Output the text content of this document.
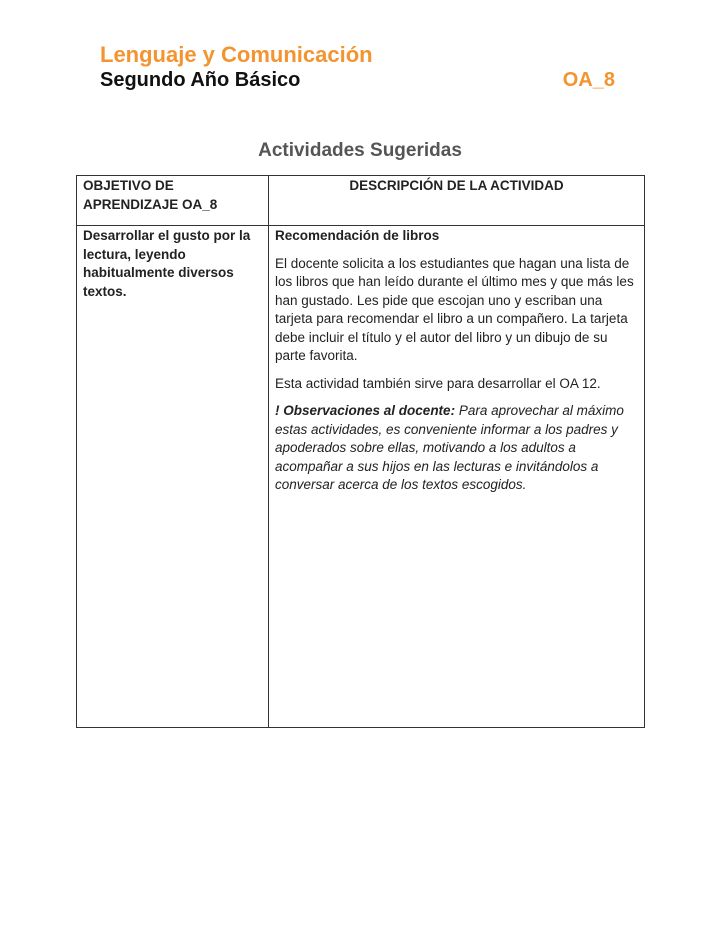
Lenguaje y Comunicación

Segundo Año Básico	OA_8
Actividades Sugeridas
OBJETIVO DE APRENDIZAJE OA_8	DESCRIPCIÓN DE LA ACTIVIDAD
Desarrollar el gusto por la lectura, leyendo habitualmente diversos textos.	Recomendación de libros

El docente solicita a los estudiantes que hagan una lista de los libros que han leído durante el último mes y que más les han gustado. Les pide que escojan uno y escriban una tarjeta para recomendar el libro a un compañero. La tarjeta debe incluir el título y el autor del libro y un dibujo de su parte favorita.

Esta actividad también sirve para desarrollar el OA 12.

! Observaciones al docente: Para aprovechar al máximo estas actividades, es conveniente informar a los padres y apoderados sobre ellas, motivando a los adultos a acompañar a sus hijos en las lecturas e invitándolos a conversar acerca de los textos escogidos.
